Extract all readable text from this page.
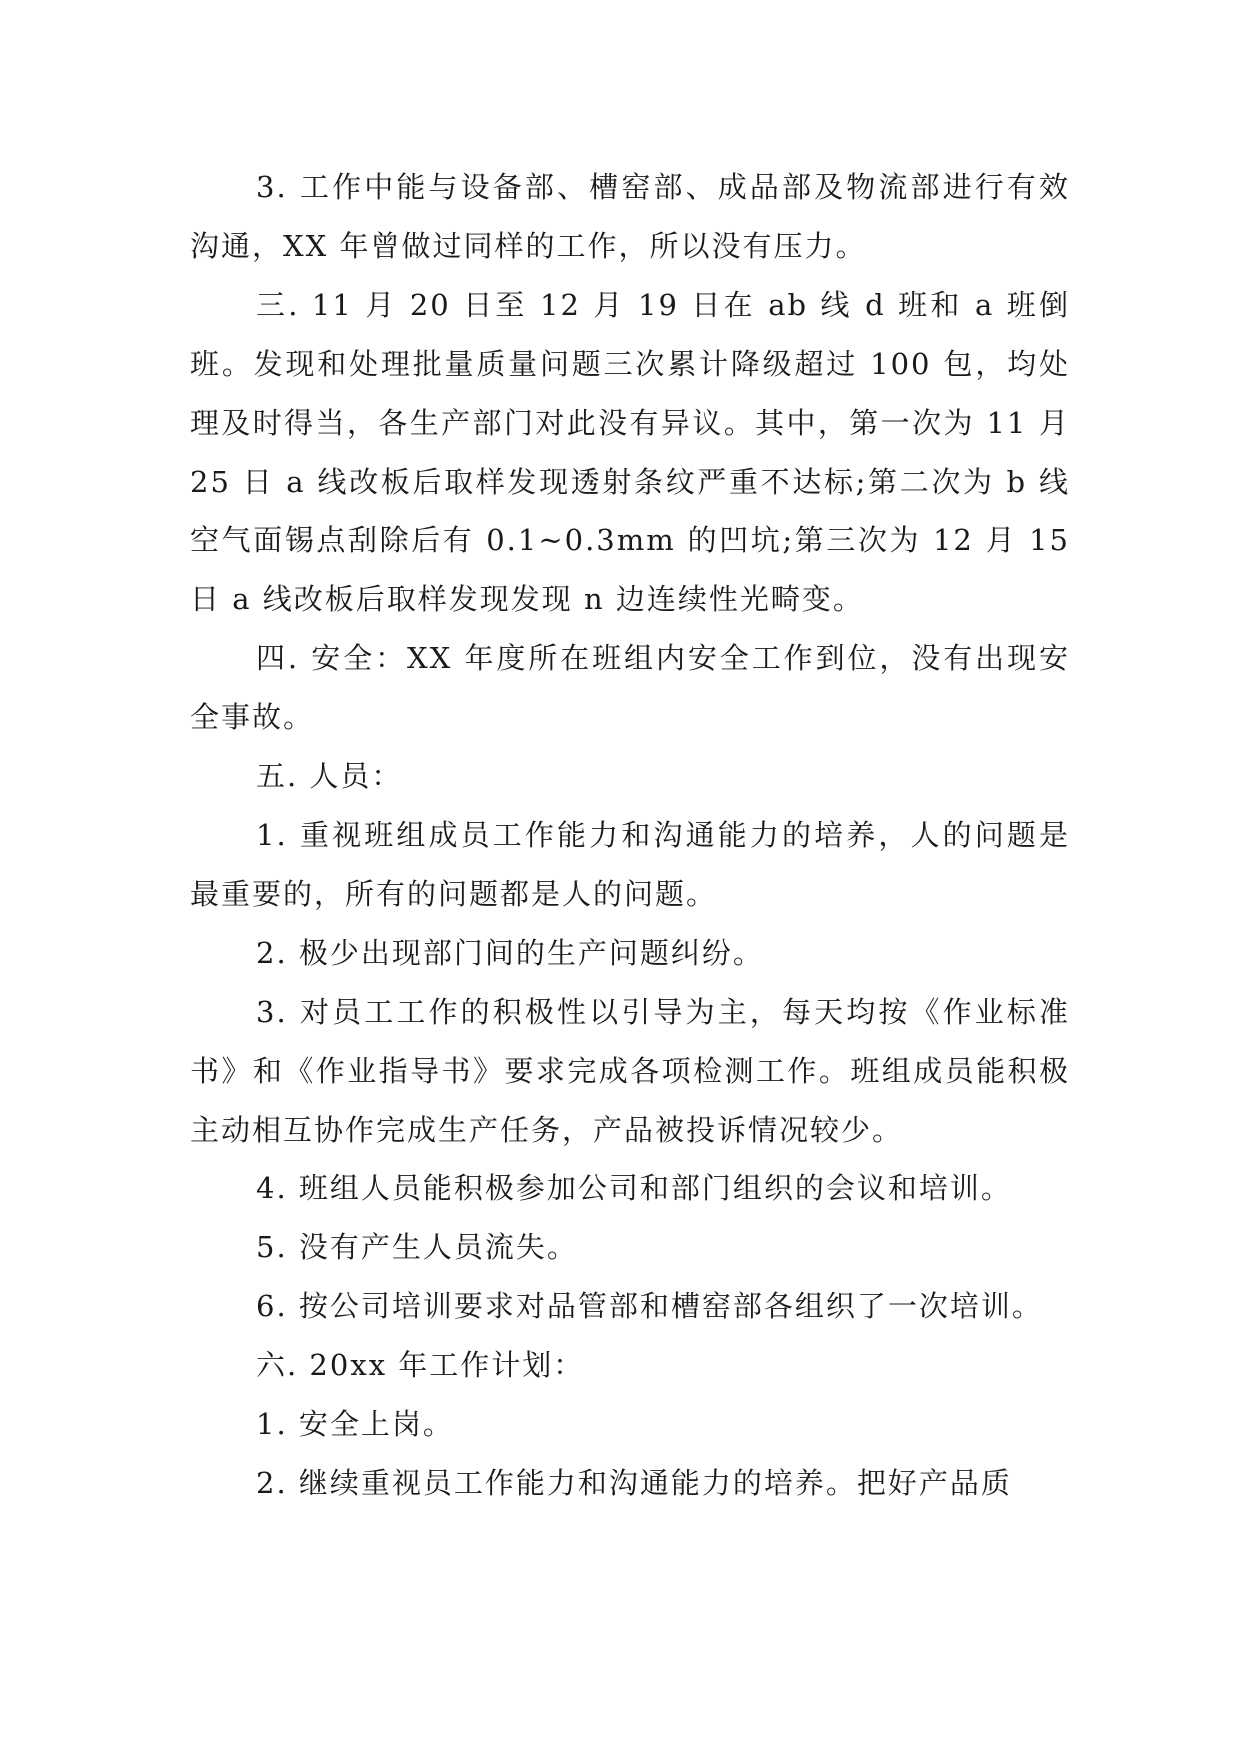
3. 工作中能与设备部、槽窑部、成品部及物流部进行有效沟通，XX 年曾做过同样的工作，所以没有压力。

三. 11 月 20 日至 12 月 19 日在 ab 线 d 班和 a 班倒班。发现和处理批量质量问题三次累计降级超过 100 包，均处理及时得当，各生产部门对此没有异议。其中，第一次为 11 月 25 日 a 线改板后取样发现透射条纹严重不达标;第二次为 b 线空气面锡点刮除后有 0.1~0.3mm 的凹坑;第三次为 12 月 15 日 a 线改板后取样发现发现 n 边连续性光畸变。

四. 安全：XX 年度所在班组内安全工作到位，没有出现安全事故。

五. 人员：

1. 重视班组成员工作能力和沟通能力的培养，人的问题是最重要的，所有的问题都是人的问题。

2. 极少出现部门间的生产问题纠纷。

3. 对员工工作的积极性以引导为主，每天均按《作业标准书》和《作业指导书》要求完成各项检测工作。班组成员能积极主动相互协作完成生产任务，产品被投诉情况较少。

4. 班组人员能积极参加公司和部门组织的会议和培训。

5. 没有产生人员流失。

6. 按公司培训要求对品管部和槽窑部各组织了一次培训。

六. 20xx 年工作计划：

1. 安全上岗。

2. 继续重视员工作能力和沟通能力的培养。把好产品质
